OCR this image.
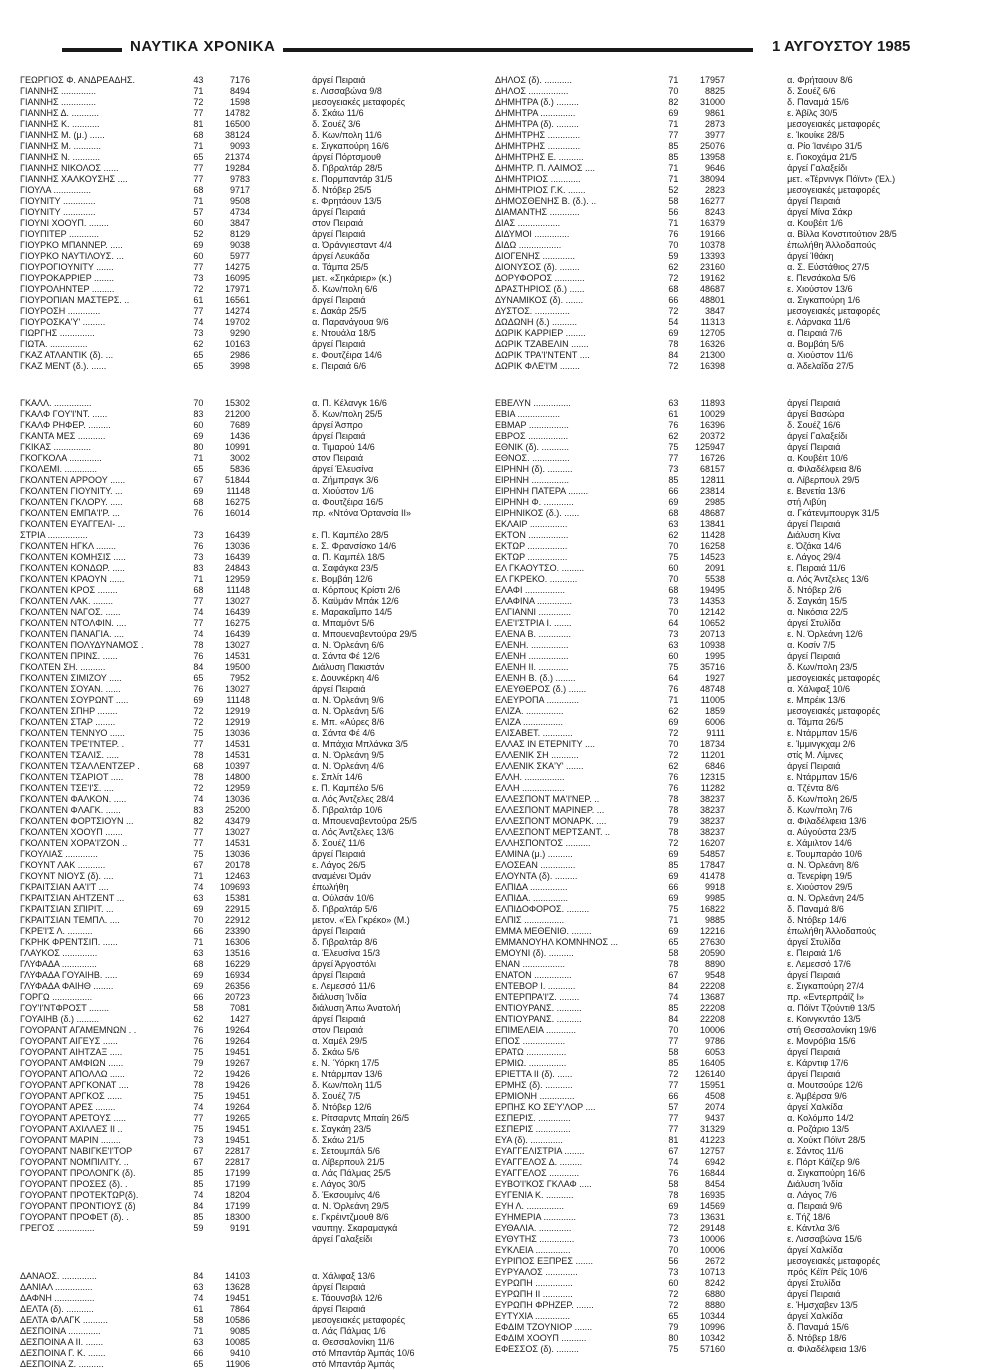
ΝΑΥΤΙΚΑ ΧΡΟΝΙΚΑ	1 ΑΥΓΟΥΣΤΟΥ 1985
ΓΕΩΡΓΙΟΣ Φ. ΑΝΔΡΕΑΔΗΣ.	43	7176	άργεί Πειραιά
ΓΙΑΝΝΗΣ ..............	71	8494	ε. Λισσαβώνα 9/8
ΓΙΑΝΝΗΣ ..............	72	1598	μεσογειακές μεταφορές
ΓΙΑΝΝΗΣ Δ. ...........	77	14782	δ. Σκάω 11/6
ΓΙΑΝΝΗΣ Κ. ...........	81	16500	δ. Σουέζ 3/6
ΓΙΑΝΝΗΣ Μ. (μ.) ......	68	38124	δ. Κων/πολη 11/6
ΓΙΑΝΝΗΣ Μ. ...........	71	9093	ε. Σιγκαπούρη 16/6
ΓΙΑΝΝΗΣ Ν. ...........	65	21374	άργεί Πόρτσμουθ
ΓΙΑΝΝΗΣ ΝΙΚΟΛΟΣ ......	77	19284	δ. Γιβραλτάρ 28/5
ΓΙΑΝΝΗΣ ΧΑΛΚΟΥΣΗΣ ....	77	9783	ε. Πορμπαντάρ 31/5
ΓΙΟΥΛΑ ...............	68	9717	δ. Ντόβερ 25/5
ΓΙΟΥΝΙΤΥ .............	71	9508	ε. Φρητάουν 13/5
ΓΙΟΥΝΙΤΥ .............	57	4734	άργεί Πειραιά
ΓΙΟΥΝΙ ΧΟΟΥΠ. ........	60	3847	στον Πειραιά
ΓΙΟΥΠΙΤΕΡ ............	52	8129	άργεί Πειραιά
ΓΙΟΥΡΚΟ ΜΠΑΝΝΕΡ. .....	69	9038	α. Όράνγιεσταντ 4/4
ΓΙΟΥΡΚΟ ΝΑΥΤΙΛΟΥΣ. ...	60	5977	άργεί Λευκάδα
ΓΙΟΥΡΟΓΙΟΥΝΙΤΥ .......	77	14275	α. Τάμπα 25/5
ΓΙΟΥΡΟΚΑΡΡΙΕΡ ........	73	16095	μετ. «Σηκάριερ» (κ.)
ΓΙΟΥΡΟΛΗΝΤΕΡ .........	72	17971	δ. Κων/πολη 6/6
ΓΙΟΥΡΟΠΙΑΝ ΜΑΣΤΕΡΣ. ..	61	16561	άργεί Πειραιά
ΓΙΟΥΡΟΣΗ .............	77	14274	ε. Δακάρ 25/5
ΓΙΟΥΡΟΣΚΑ'Υ' .........	74	19702	α. Παρανάγουα 9/6
ΓΙΩΡΓΗΣ ..............	73	9290	ε. Ντουάλα 18/5
ΓΙΩΤΑ. ...............	62	10163	άργεί Πειραιά
ΓΚΑΖ ΑΤΛΑΝΤΙΚ (δ). ...	65	2986	ε. Φουτζέιρα 14/6
ΓΚΑΖ ΜΕΝΤ (δ.). ......	65	3998	ε. Πειραιά 6/6
ΓΚΑΛΛ. ...............	70	15302	α. Π. Κέλανγκ 16/6
ΓΚΑΛΦ ΓΟΥ'Ι'ΝΤ. ......	83	21200	δ. Κων/πολη 25/5
ΓΚΑΛΦ ΡΗΦΕΡ. .........	60	7689	άργεί Άσπρο
ΓΚΑΝΤΑ ΜΕΣ ...........	69	1436	άργεί Πειραιά
ΓΚΙΚΑΣ ...............	80	10991	α. Τιμαρού 14/6
ΓΚΟΓΚΟΛΑ .............	71	3002	στον Πειραιά
ΓΚΟΛΕΜΙ. .............	65	5836	άργεί Έλευσίνα
ΓΚΟΛΝΤΕΝ ΑΡΡΟΟΥ ......	67	51844	α. Ζήμπραγκ 3/6
ΓΚΟΛΝΤΕΝ ΓΙΟΥΝΙΤΥ. ...	69	11148	α. Χιούστον 1/6
ΓΚΟΛΝΤΕΝ ΓΚΛΟΡΥ. .....	68	16275	α. Φουτζέιρα 16/5
ΓΚΟΛΝΤΕΝ ΕΜΠΑ'Ι'Ρ. ...	76	16014	πρ. «Ντόνα Όρτανσία ΙΙ»
ΓΚΟΛΝΤΕΝ ΕΥΑΓΓΕΛΙ- ...
ΣΤΡΙΑ ................	73	16439	ε. Π. Καμπέλο 28/5
ΓΚΟΛΝΤΕΝ ΗΓΚΛ ........	76	13036	ε. Σ. Φρανσίσκο 14/6
ΓΚΟΛΝΤΕΝ ΚΟΜΗΣΙΣ .....	73	16439	α. Π. Καμπέλ 18/5
ΓΚΟΛΝΤΕΝ ΚΟΝΔΩΡ. .....	83	24843	α. Σαφάγκα 23/5
ΓΚΟΛΝΤΕΝ ΚΡΑΟΥΝ ......	71	12959	ε. Βομβάη 12/6
ΓΚΟΛΝΤΕΝ ΚΡΟΣ ........	68	11148	α. Κόρπους Κρίστι 2/6
ΓΚΟΛΝΤΕΝ ΛΑΚ. ........	77	13027	δ. Καϋμάν Μπάκ 12/6
ΓΚΟΛΝΤΕΝ ΝΑΓΟΣ. ......	74	16439	ε. Μαρακαΐμπο 14/5
ΓΚΟΛΝΤΕΝ ΝΤΟΛΦΙΝ. ....	77	16275	α. Μπαμόντ 5/6
ΓΚΟΛΝΤΕΝ ΠΑΝΑΓΙΑ. ....	74	16439	α. Μπουεναβεντούρα 29/5
ΓΚΟΛΝΤΕΝ ΠΟΛΥΔΥΝΑΜΟΣ .	78	13027	α. Ν. Όρλεάνη 6/6
ΓΚΟΛΝΤΕΝ ΠΡΙΝΣ. ......	76	14531	α. Σάντα Φέ 12/6
ΓΚΟΛΤΕΝ ΣΗ. ..........	84	19500	Διάλυση Πακιστάν
ΓΚΟΛΝΤΕΝ ΣΙΜΙΖΟΥ .....	65	7952	ε. Δουνκέρκη 4/6
ΓΚΟΛΝΤΕΝ ΣΟΥΑΝ. ......	76	13027	άργεί Πειραιά
ΓΚΟΛΝΤΕΝ ΣΟΥΡΩΝΤ .....	69	11148	α. Ν. Όρλεάνη 9/6
ΓΚΟΛΝΤΕΝ ΣΠΗΡ ........	72	12919	α. Ν. Όρλεάνη 5/6
ΓΚΟΛΝΤΕΝ ΣΤΑΡ ........	72	12919	ε. Μπ. «Αύρες 8/6
ΓΚΟΛΝΤΕΝ ΤΕΝΝΥΟ ......	75	13036	α. Σάντα Φέ 4/6
ΓΚΟΛΝΤΕΝ ΤΡΕ'Ι'ΝΤΕΡ. .	77	14531	α. Μπάχια Μπλάνκα 3/5
ΓΚΟΛΝΤΕΝ ΤΣΑΛΙΣ. .....	78	14531	α. Ν. Όρλεάνη 9/5
ΓΚΟΛΝΤΕΝ ΤΣΑΛΛΕΝΤΖΕΡ .	68	10397	α. Ν. Όρλεάνη 4/6
ΓΚΟΛΝΤΕΝ ΤΣΑΡΙΟΤ .....	78	14800	ε. Σπλίτ 14/6
ΓΚΟΛΝΤΕΝ ΤΣΕ'Ι'Σ. ....	72	12959	ε. Π. Καμπέλο 5/6
ΓΚΟΛΝΤΕΝ ΦΑΛΚΟΝ. .....	74	13036	α. Λός Άντζελες 28/4
ΓΚΟΛΝΤΕΝ ΦΛΑΓΚ. ......	83	25200	δ. Γιβραλτάρ 10/6
ΓΚΟΛΝΤΕΝ ΦΟΡΤΣΙΟΥΝ ...	82	43479	α. Μπουεναβεντούρα 25/5
ΓΚΟΛΝΤΕΝ ΧΟΟΥΠ .......	77	13027	α. Λός Άντζελες 13/6
ΓΚΟΛΝΤΕΝ ΧΟΡΑ'Ι'ΖΟΝ ..	77	14531	δ. Σουέζ 11/6
ΓΚΟΥΛΙΑΣ .............	75	13036	άργεί Πειραιά
ΓΚΟΥΝΤ ΛΑΚ ...........	67	20178	ε. Λάγος 26/5
ΓΚΟΥΝΤ ΝΙΟΥΣ (δ). ....	71	12463	αναμένει Όμάν
ΓΚΡΑΙΤΣΙΑΝ ΑΑ'Ι'Τ ....	74	109693	έπωλήθη
ΓΚΡΑΙΤΣΙΑΝ ΑΗΤΖΕΝΤ ...	63	15381	α. Ούλσάν 10/6
ΓΚΡΑΙΤΣΙΑΝ ΣΠΙΡΙΤ. ...	69	22915	δ. Γιβραλτάρ 5/6
ΓΚΡΑΙΤΣΙΑΝ ΤΕΜΠΛ. ....	70	22912	μετον. «Έλ Γκρέκο» (Μ.)
ΓΚΡΕ'Ι'Σ Λ. ..........	66	23390	άργεί Πειραιά
ΓΚΡΗΚ ΦΡΕΝΤΣΙΠ. ......	71	16306	δ. Γιβραλτάρ 8/6
ΓΛΑΥΚΟΣ ..............	63	13516	α. Έλευσίνα 15/3
ΓΛΥΦΑΔΑ ..............	68	16229	άργεί Άργοστόλι
ΓΛΥΦΑΔΑ ΓΟΥΑΙΗΒ. .....	69	16934	άργεί Πειραιά
ΓΛΥΦΑΔΑ ΦΑΙΗΘ ........	69	26356	ε. Λεμεσσό 11/6
ΓΟΡΓΩ ................	66	20723	διάλυση Ίνδία
ΓΟΥ'Ι'ΝΤΦΡΟΣΤ ........	58	7081	διάλυση Άπω Άνατολή
ΓΟΥΑΙΗΒ (δ.) .........	62	1427	άργεί Πειραιά
ΓΟΥΟΡΑΝΤ ΑΓΑΜΕΜΝΩΝ . .	76	19264	στον Πειραιά
ΓΟΥΟΡΑΝΤ ΑΙΓΕΥΣ ......	76	19264	α. Χαμέλ 29/5
ΓΟΥΟΡΑΝΤ ΑΙΗΤΖΑΞ .....	75	19451	δ. Σκάω 5/6
ΓΟΥΟΡΑΝΤ ΑΜΦΙΩΝ ......	79	19267	ε. Ν. Ύόρκη 17/5
ΓΟΥΟΡΑΝΤ ΑΠΟΛΛΩ ......	72	19426	ε. Ντάρμπαν 13/6
ΓΟΥΟΡΑΝΤ ΑΡΓΚΟΝΑΤ ....	78	19426	δ. Κων/πολη 11/5
ΓΟΥΟΡΑΝΤ ΑΡΓΚΟΣ ......	75	19451	δ. Σουέζ 7/5
ΓΟΥΟΡΑΝΤ ΑΡΕΣ ........	74	19264	δ. Ντόβερ 12/6
ΓΟΥΟΡΑΝΤ ΑΡΕΤΟΥΣ .....	77	19265	ε. Ρίτσαρντς Μπαίη 26/5
ΓΟΥΟΡΑΝΤ ΑΧΙΛΛΕΣ ΙΙ ..	75	19451	ε. Σαγκάη 23/5
ΓΟΥΟΡΑΝΤ ΜΑΡΙΝ ........	73	19451	δ. Σκάω 21/5
ΓΟΥΟΡΑΝΤ ΝΑΒΙΓΚΕ'Ι'ΤΟΡ	67	22817	ε. Σετουμπάλ 5/6
ΓΟΥΟΡΑΝΤ ΝΟΜΠΙΛΙΤΥ. ..	67	22817	α. Λίβερπουλ 21/5
ΓΟΥΟΡΑΝΤ ΠΡΟΛΟΝΓΚ (δ).	85	17199	α. Λάς Πάλμας 25/5
ΓΟΥΟΡΑΝΤ ΠΡΟΣΕΣ (δ). .	85	17199	ε. Λάγος 30/5
ΓΟΥΟΡΑΝΤ ΠΡΟΤΕΚΤΩΡ(δ).	74	18204	δ. Έκσουμίνς 4/6
ΓΟΥΟΡΑΝΤ ΠΡΟΝΤΙΟΥΣ (δ)	84	17199	α. Ν. Όρλεάνη 29/5
ΓΟΥΟΡΑΝΤ ΠΡΟΦΕΤ (δ). .	85	18300	ε. Γκρέιντζμουθ 8/6
ΓΡΕΓΟΣ ...............	59	9191	ναυπηγ. Σκαραμαγκά
άργεί Γαλαξείδι
ΔΑΝΑΟΣ. ..............	84	14103	α. Χάλιφαξ 13/6
ΔΑΝΙΑΛ ...............	63	13628	άργεί Πειραιά
ΔΑΦΝΗ ................	74	19451	ε. Τάουνσβιλ 12/6
ΔΕΛΤΑ (δ). ...........	61	7864	άργεί Πειραιά
ΔΕΛΤΑ ΦΛΑΓΚ ..........	58	10586	μεσογειακές μεταφορές
ΔΕΣΠΟΙΝΑ .............	71	9085	α. Λάς Πάλμας 1/6
ΔΕΣΠΟΙΝΑ Α ΙΙ. .......	63	10085	α. Θεσσαλονίκη 11/6
ΔΕΣΠΟΙΝΑ Γ. Κ. .......	66	9410	στό Μπαντάρ Άμπάς 10/6
ΔΕΣΠΟΙΝΑ Ζ. ..........	65	11906	στό Μπαντάρ Άμπάς
ΔΗΛΟΣ (δ). ...........	71	17957	α. Φρήταουν 8/6
ΔΗΛΟΣ ................	70	8825	δ. Σουέζ 6/6
ΔΗΜΗΤΡΑ (δ.) .........	82	31000	δ. Παναμά 15/6
ΔΗΜΗΤΡΑ ..............	69	9861	ε. Άβίλς 30/5
ΔΗΜΗΤΡΑ (δ). .........	71	2873	μεσογειακές μεταφορές
ΔΗΜΗΤΡΗΣ .............	77	3977	ε. Ίκουίκε 28/5
ΔΗΜΗΤΡΗΣ .............	85	25076	α. Ρίο Ίανέιρο 31/5
ΔΗΜΗΤΡΗΣ Ε. ..........	85	13958	ε. Γιοκοχάμα 21/5
ΔΗΜΗΤΡ. Π. ΛΑΙΜΟΣ ....	71	9646	άργεί Γαλαξείδι
ΔΗΜΗΤΡΙΟΣ ............	71	38094	μετ. «Τέρνινγκ Πόϊντ» (Έλ.)
ΔΗΜΗΤΡΙΟΣ Γ.Κ. .......	52	2823	μεσογειακές μεταφορές
ΔΗΜΟΣΘΕΝΗΣ Β. (δ.). ..	58	16277	άργεί Πειραιά
ΔΙΑΜΑΝΤΗΣ ............	56	8243	άργεί Μίνα Σάκρ
ΔΙΑΣ .................	71	16379	α. Κουβέιτ 1/6
ΔΙΔΥΜΟΙ ..............	76	19166	α. Βίλλα Κονστιτούτιον 28/5
ΔΙΔΩ .................	70	10378	έπωλήθη Άλλοδαπούς
ΔΙΟΓΕΝΗΣ .............	59	13393	άργεί Ίθάκη
ΔΙΟΝΥΣΟΣ (δ). ........	62	23160	α. Σ. Εύστάθιος 27/5
ΔΟΡΥΦΟΡΟΣ ............	72	19162	ε. Πενσάκολα 5/6
ΔΡΑΣΤΗΡΙΟΣ (δ.) ......	68	48687	ε. Χιούστον 13/6
ΔΥΝΑΜΙΚΟΣ (δ). .......	66	48801	α. Σιγκαπούρη 1/6
ΔΥΣΤΟΣ. ..............	72	3847	μεσογειακές μεταφορές
ΔΩΔΩΝΗ (δ.) ..........	54	11313	ε. Λάρνακα 11/6
ΔΩΡΙΚ ΚΑΡΡΙΕΡ ........	69	12705	α. Πειραιά 7/6
ΔΩΡΙΚ ΤΖΑΒΕΛΙΝ .......	78	16326	α. Βομβάη 5/6
ΔΩΡΙΚ ΤΡΑ'Ι'ΝΤΕΝΤ ....	84	21300	α. Χιούστον 11/6
ΔΩΡΙΚ ΦΛΕ'Ι'Μ ........	72	16398	α. Άδελαΐδα 27/5
ΕΒΕΛΥΝ ...............	63	11893	άργεί Πειραιά
ΕΒΙΑ .................	61	10029	άργεί Βασώρα
ΕΒΜΑΡ ................	76	16396	δ. Σουέζ 16/6
ΕΒΡΟΣ ................	62	20372	άργεί Γαλαξείδι
ΕΘΝΙΚ (δ). ...........	75	125947	άργεί Πειραιά
ΕΘΝΟΣ. ...............	77	16726	α. Κουβέιτ 10/6
ΕΙΡΗΝΗ (δ). ..........	73	68157	α. Φιλαδέλφεια 8/6
ΕΙΡΗΝΗ ...............	85	12811	α. Λίβερπουλ 29/5
ΕΙΡΗΝΗ ΠΑΤΕΡΑ ........	66	23814	ε. Βενετία 13/6
ΕΙΡΗΝΗ Φ. ............	69	2985	στή Λιβύη
ΕΙΡΗΝΙΚΟΣ (δ.). ......	68	48687	α. Γκάτενμπουργκ 31/5
ΕΚΛΑΙΡ ...............	63	13841	άργεί Πειραιά
ΕΚΤΟΝ ................	62	11428	Διάλυση Κίνα
ΕΚΤΩΡ ................	70	16258	ε. Όζάκα 14/6
ΕΚΤΩΡ ................	75	14523	ε. Λάγος 29/4
ΕΛ ΓΚΑΟΥΤΣΟ. .........	60	2091	ε. Πειραιά 11/6
ΕΛ ΓΚΡΕΚΟ. ...........	70	5538	α. Λός Άντζελες 13/6
ΕΛΑΦΙ ................	68	19495	δ. Ντόβερ 2/6
ΕΛΑΦΙΝΑ ..............	73	14353	δ. Σαγκάη 15/5
ΕΛΓΙΑΝΝΙ .............	70	12142	α. Νικόσια 22/5
ΕΛΕ'Ι'ΣΤΡΙΑ Ι. .......	64	10652	άργεί Στυλίδα
ΕΛΕΝΑ Β. .............	73	20713	ε. Ν. Όρλεάνη 12/6
ΕΛΕΝΗ. ...............	63	10938	α. Κοσίν 7/5
ΕΛΕΝΗ ................	60	1995	άργεί Πειραιά
ΕΛΕΝΗ ΙΙ. ............	75	35716	δ. Κων/πολη 23/5
ΕΛΕΝΗ Β. (δ.) ........	64	1927	μεσογειακές μεταφορές
ΕΛΕΥΘΕΡΟΣ (δ.) .......	76	48748	α. Χάλιφαξ 10/6
ΕΛΕΥΡΟΠΑ .............	71	11005	ε. Μπρέικ 13/6
ΕΛΙΖΑ. ...............	62	1859	μεσογειακές μεταφορές
ΕΛΙΖΑ ................	69	6006	α. Τάμπα 26/5
ΕΛΙΣΑΒΕΤ. ............	72	9111	ε. Ντάρμπαν 15/6
ΕΛΛΑΣ ΙΝ ΕΤΕΡΝΙΤΥ ....	70	18734	ε. Ίμμινγκχαμ 2/6
ΕΛΛΕΝΙΚ ΣΗ ...........	72	11201	στίς Μ. Λίμνες
ΕΛΛΕΝΙΚ ΣΚΑ'Υ' .......	62	6846	άργεί Πειραιά
ΕΛΛΗ. ................	76	12315	ε. Ντάρμπαν 15/6
ΕΛΛΗ .................	76	11282	α. Τζέντα 8/6
ΕΛΛΕΣΠΟΝΤ ΜΑ'Ι'ΝΕΡ. ..	78	38237	δ. Κων/πολη 26/5
ΕΛΛΕΣΠΟΝΤ ΜΑΡΙΝΕΡ. ...	78	38237	δ. Κων/πολη 7/6
ΕΛΛΕΣΠΟΝΤ ΜΟΝΑΡΚ. ....	79	38237	α. Φιλαδέλφεια 13/6
ΕΛΛΕΣΠΟΝΤ ΜΕΡΤΣΑΝΤ. ..	78	38237	α. Αύγούστα 23/5
ΕΛΛΗΣΠΟΝΤΟΣ ..........	72	16207	ε. Χάμιλτον 14/6
ΕΛΜΙΝΑ (μ.) ..........	69	54857	ε. Τουμπαράο 10/6
ΕΛΟΣΕΑΝ ..............	85	17847	α. Ν. Όρλεάνη 8/6
ΕΛΟΥΝΤΑ (δ). .........	69	41478	α. Τενερίφη 19/5
ΕΛΠΙΔΑ ...............	66	9918	ε. Χιούστον 29/5
ΕΛΠΙΔΑ. ..............	69	9985	α. Ν. Όρλεάνη 24/5
ΕΛΠΙΔΟΦΟΡΟΣ. .........	75	16822	δ. Παναμά 8/6
ΕΛΠΙΣ ................	71	9885	δ. Ντόβερ 14/6
ΕΜΜΑ ΜΕΘΕΝΙΘ. ........	69	12216	έπωλήθη Άλλοδαπούς
ΕΜΜΑΝΟΥΗΛ ΚΟΜΝΗΝΟΣ ...	65	27630	άργεί Στυλίδα
ΕΜΟΥΝΙ (δ). ..........	58	20590	ε. Πειραιά 1/6
ΕΝΑΝ .................	78	8890	ε. Λεμεσσό 17/6
ΕΝΑΤΟΝ ...............	67	9548	άργεί Πειραιά
ΕΝΤΕΒΟΡ Ι. ...........	84	22208	ε. Σιγκαπούρη 27/4
ΕΝΤΕΡΠΡΑ'Ι'Ζ. ........	74	13687	πρ. «Εντερπράϊζ Ι»
ΕΝΤΙΟΥΡΑΝΣ. ..........	85	22208	α. Πόϊντ Τζούντιθ 13/5
ΕΝΤΙΟΥΡΑΝΣ. ..........	84	22208	ε. Κοινγκντάο 13/5
ΕΠΙΜΕΛΕΙΑ ............	70	10006	στή Θεσσαλονίκη 19/6
ΕΠΟΣ .................	77	9786	ε. Μονρόβια 15/6
ΕΡΑΤΩ ................	58	6053	άργεί Πειραιά
ΕΡΜΙΩ. ...............	85	16405	ε. Κάρντιφ 17/6
ΕΡΙΕΤΤΑ ΙΙ (δ). ......	72	126140	άργεί Πειραιά
ΕΡΜΗΣ (δ). ...........	77	15951	α. Μουτσούρε 12/6
ΕΡΜΙΟΝΗ ..............	66	4508	ε. Άμβέρσα 9/6
ΕΡΠΗΣ ΚΟ ΣΕ'Υ'ΛΟΡ ....	57	2074	άργεί Χαλκίδα
ΕΣΠΕΡΙΣ. .............	77	9437	α. Κολόμπο 14/2
ΕΣΠΕΡΙΣ ..............	77	31329	α. Ροζάριο 13/5
ΕΥΑ (δ). .............	81	41223	α. Χούκτ Πόϊντ 28/5
ΕΥΑΓΓΕΛΙΣΤΡΙΑ ........	67	12757	ε. Σάντος 11/6
ΕΥΑΓΓΕΛΟΣ Δ. .........	74	6942	ε. Πόρτ Κάϊζερ 9/6
ΕΥΑΓΓΕΛΟΣ ............	76	16844	α. Σιγκαπούρη 16/6
ΕΥΒΟ'Ι'ΚΟΣ ΓΚΛΑΦ .....	58	8454	Διάλυση Ίνδία
ΕΥΓΕΝΙΑ Κ. ...........	78	16935	α. Λάγος 7/6
ΕΥΗ Λ. ...............	69	14569	α. Πειραιά 9/6
ΕΥΗΜΕΡΙΑ .............	73	13631	ε. Τήζ 18/6
ΕΥΘΑΛΙΑ. .............	72	29148	ε. Κάντλα 3/6
ΕΥΘΥΤΗΣ ..............	73	10006	ε. Λισσαβώνα 15/6
ΕΥΚΛΕΙΑ ..............	70	10006	άργεί Χαλκίδα
ΕΥΡΙΠΟΣ ΕΞΠΡΕΣ .......	56	2672	μεσογειακές μεταφορές
ΕΥΡΥΑΛΟΣ .............	73	10713	πρός Κέϊπ Ρέϊς 10/6
ΕΥΡΩΠΗ ...............	60	8242	άργεί Στυλίδα
ΕΥΡΩΠΗ ΙΙ ............	72	6880	άργεί Πειραιά
ΕΥΡΩΠΗ ΦΡΗΖΕΡ. .......	72	8880	ε. Ήμσχαβεν 13/5
ΕΥΤΥΧΙΑ ..............	65	10344	άργεί Χαλκίδα
ΕΦΔΙΜ ΤΖΟΥΝΙΟΡ .......	79	10996	δ. Παναμά 15/6
ΕΦΔΙΜ ΧΟΟΥΠ ..........	80	10342	δ. Ντόβερ 18/6
ΕΦΕΣΣΟΣ (δ). .........	75	57160	α. Φιλαδέλφεια 13/6
